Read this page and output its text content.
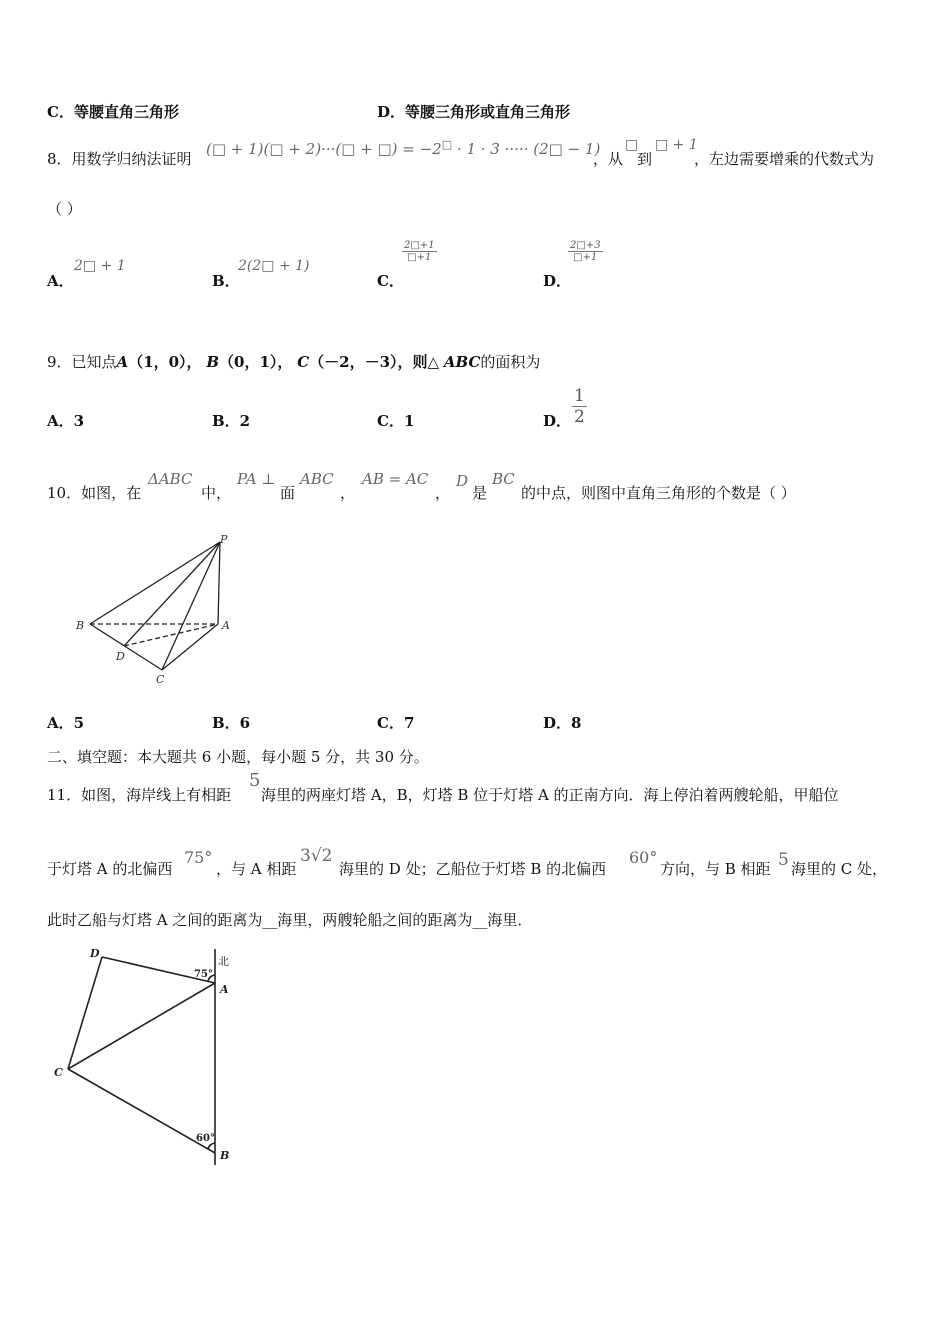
C．等腰直角三角形	D．等腰三角形或直角三角形
8．用数学归纳法证明
(□ + 1)(□ + 2)···(□ + □) = −2□ · 1 · 3 ····· (2□ − 1)
，从
□
到
□ + 1
，左边需要增乘的代数式为
（ ）
A．
2□ + 1
B．
2(2□ + 1)
C．
$\frac{2□+1}{□+1}$
D．
$\frac{2□+3}{□+1}$
9．已知点A（1，0）， B（0，1）， C（－2，－3），则△ ABC的面积为
A．3	B．2	C．1	D． $\frac{1}{2}$
10．如图，在
ΔABC
中，
PA ⊥
面
ABC
，
AB = AC
，
D
是
BC
的中点，则图中直角三角形的个数是（ ）
P
A
B
D
C
A．5	B．6	C．7	D．8
二、填空题：本大题共 6 小题，每小题 5 分，共 30 分。
11．如图，海岸线上有相距
5
海里的两座灯塔 A，B，灯塔 B 位于灯塔 A 的正南方向．海上停泊着两艘轮船，甲船位
于灯塔 A 的北偏西
75°
，与 A 相距
3√2
海里的 D 处；乙船位于灯塔 B 的北偏西
60°
方向，与 B 相距 5 海里的 C 处，
此时乙船与灯塔 A 之间的距离为__海里，两艘轮船之间的距离为__海里．
D
A
B
C
北
75°
60°
